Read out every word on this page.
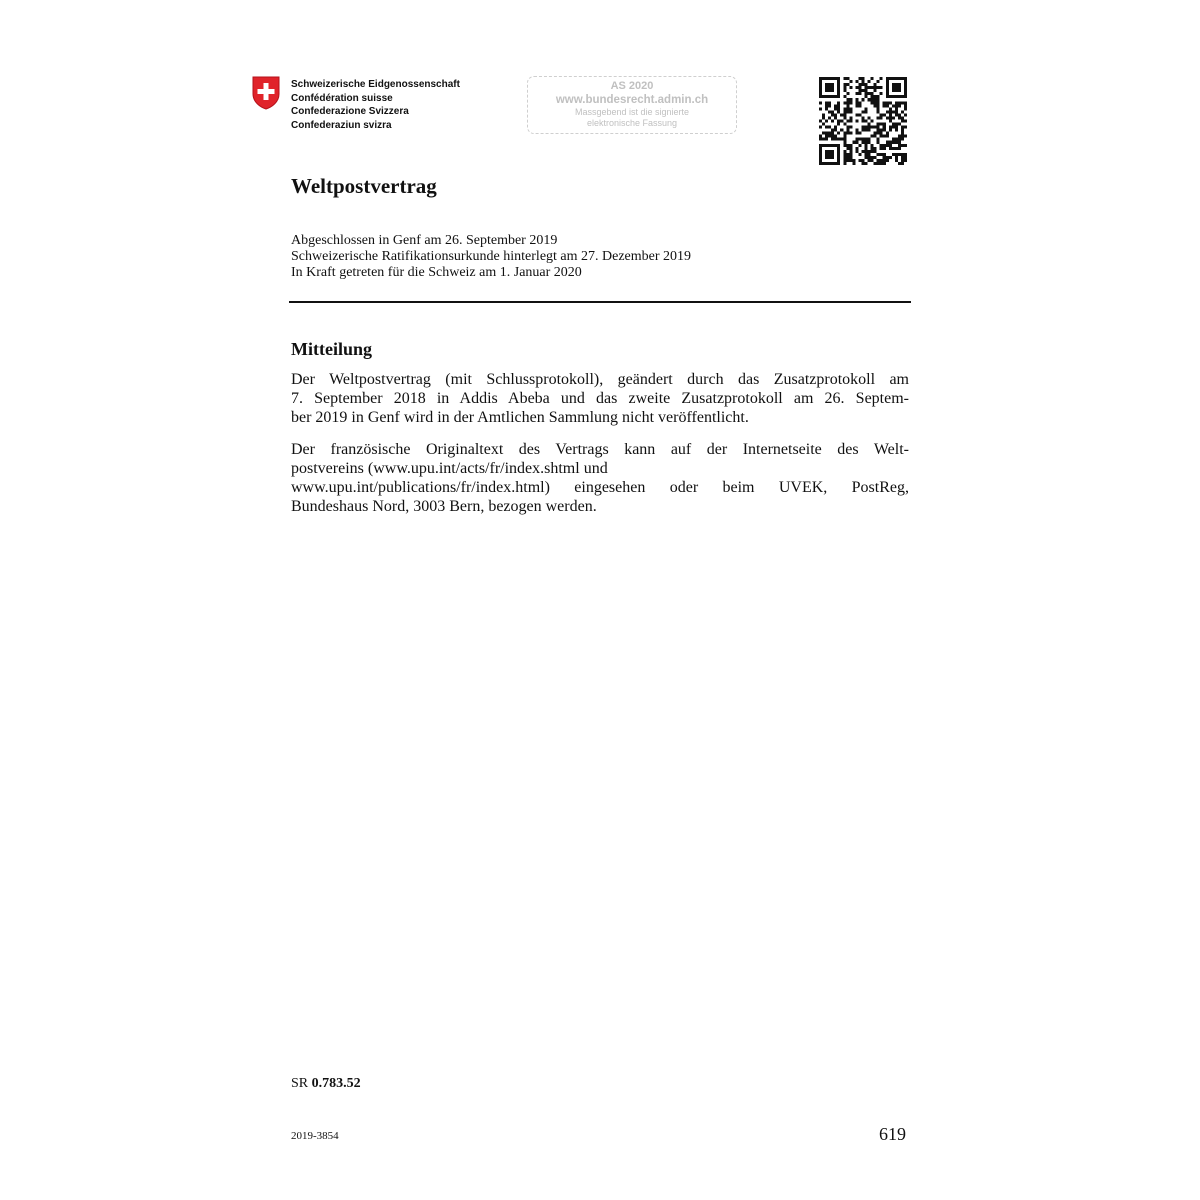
Schweizerische Eidgenossenschaft
Confédération suisse
Confederazione Svizzera
Confederaziun svizra
AS 2020
www.bundesrecht.admin.ch
Massgebend ist die signierte
elektronische Fassung
Weltpostvertrag
Abgeschlossen in Genf am 26. September 2019
Schweizerische Ratifikationsurkunde hinterlegt am 27. Dezember 2019
In Kraft getreten für die Schweiz am 1. Januar 2020
Mitteilung

Der Weltpostvertrag (mit Schlussprotokoll), geändert durch das Zusatzprotokoll am
7. September 2018 in Addis Abeba und das zweite Zusatzprotokoll am 26. Septem-
ber 2019 in Genf wird in der Amtlichen Sammlung nicht veröffentlicht.

Der französische Originaltext des Vertrags kann auf der Internetseite des Welt-
postvereins (www.upu.int/acts/fr/index.shtml und
www.upu.int/publications/fr/index.html) eingesehen oder beim UVEK, PostReg,
Bundeshaus Nord, 3003 Bern, bezogen werden.

SR 0.783.52
2019-3854	619
